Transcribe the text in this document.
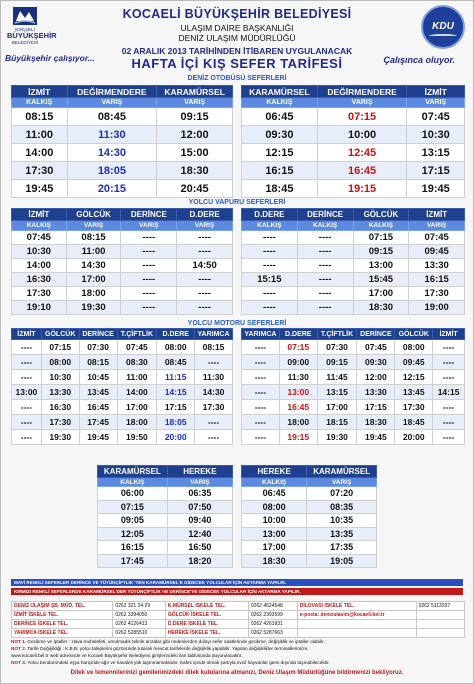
KOCAELİ
BÜYÜKŞEHİR
BELEDİYESİ
Büyükşehir çalışıyor...
KDU
Çalışınca oluyor.
KOCAELİ BÜYÜKŞEHİR BELEDİYESİ
ULAŞIM DAİRE BAŞKANLIĞI
DENİZ ULAŞIM MÜDÜRLÜĞÜ
02 ARALIK 2013 TARİHİNDEN İTİBAREN UYGULANACAK
HAFTA İÇİ KIŞ SEFER TARİFESİ
DENİZ OTOBÜSÜ SEFERLERİ
YOLCU VAPURU SEFERLERİ
YOLCU MOTORU SEFERLERİ
İZMİT	DEĞİRMENDERE	KARAMÜRSEL
KALKIŞ	VARIŞ	VARIŞ
08:15	08:45	09:15
11:00	11:30	12:00
14:00	14:30	15:00
17:30	18:05	18:30
19:45	20:15	20:45
KARAMÜRSEL	DEĞİRMENDERE	İZMİT
KALKIŞ	VARIŞ	VARIŞ
06:45	07:15	07:45
09:30	10:00	10:30
12:15	12:45	13:15
16:15	16:45	17:15
18:45	19:15	19:45
İZMİT	GÖLCÜK	DERİNCE	D.DERE
KALKIŞ	VARIŞ	VARIŞ	VARIŞ
07:45	08:15	----	----
10:30	11:00	----	----
14:00	14:30	----	14:50
16:30	17:00	----	----
17:30	18:00	----	----
19:10	19:30	----	----
D.DERE	DERİNCE	GÖLCÜK	İZMİT
KALKIŞ	KALKIŞ	KALKIŞ	VARIŞ
----	----	07:15	07:45
----	----	09:15	09:45
----	----	13:00	13:30
15:15	----	15:45	16:15
----	----	17:00	17:30
----	----	18:30	19:00
İZMİT	GÖLCÜK	DERİNCE	T.ÇİFTLİK	D.DERE	YARIMCA
----	07:15	07:30	07:45	08:00	08:15
----	08:00	08:15	08:30	08:45	----
----	10:30	10:45	11:00	11:15	11:30
13:00	13:30	13:45	14:00	14:15	14:30
----	16:30	16:45	17:00	17:15	17:30
----	17:30	17:45	18:00	18:05	----
----	19:30	19:45	19:50	20:00	----
YARIMCA	D.DERE	T.ÇİFTLİK	DERİNCE	GÖLCÜK	İZMİT
----	07:15	07:30	07:45	08:00	----
----	09:00	09:15	09:30	09:45	----
----	11:30	11:45	12:00	12:15	----
----	13:00	13:15	13:30	13:45	14:15
----	16:45	17:00	17:15	17:30	----
----	18:00	18:15	18:30	18:45	----
----	19:15	19:30	19:45	20:00	----
KARAMÜRSEL	HEREKE
KALKIŞ	VARIŞ
06:00	06:35
07:15	07:50
09:05	09:40
12:05	12:40
16:15	16:50
17:45	18:20
HEREKE	KARAMÜRSEL
KALKIŞ	VARIŞ
06:45	07:20
08:00	08:35
10:00	10:35
13:00	13:35
17:00	17:35
18:30	19:05
MAVİ RENKLİ SEFERLER DERİNCE VE TÜTÜNÇİFTLİK 'TEN KARAMÜRSEL'E GİDECEK YOLCULAR İÇİN AKTARMA YAPILIR.
KIRMIZI RENKLİ SEFERLERDE KARAMÜRSEL'DEN TÜTÜNÇİFTLİK VE DERİNCE'YE GİDECEK YOLCULAR İÇİN AKTARMA YAPILIR.
DENİZ ULAŞIM ŞB. MÜD. TEL.	0262 321 24 29	K.MÜRSEL İSKELE TEL.	0262 4524548	DİLOVASI İSKELE TEL.	0262 5113297
İZMİT İSKELE TEL.	0262 3394050	GÖLCÜK İSKELE TEL.	0262 2393599	e-posta: denizulasim@kocaeli.bel.tr	
DERİNCE İSKELE TEL.	0262 4126413	D.DERE İSKELE TEL.	0262 4261931		
YARIMCA İSKELE TEL.	0262 5285510	HEREKE İSKELE TEL.	0262 5287663		
NOT 1. Gecikme ve İptaller : Hava muhalefeti, umulmadık teknik arızalar gibi nedenlerden dolayı sefer saatlerinde gecikme, değişiklik ve iptaller olabilir.
NOT 2. Tarife Değişikliği : K.B.B. yolcu taleplerini gözönünde tutarak mevcut tarifelerde değişiklik yapabilir. Yapılan değişiklikler terminallerimize,
www.kocaeli.bel.tr web adresinde ve Kocaeli Büyükşehir Belediyesi girişlerindeki ilan tablosunda duyurulacaktır.
NOT 3. Yolcu beraberindeki eşya hariçinde ağır ve havaleli yük taşınmamaktadır. Kafes içinde olmak şartıyla evcil hayvanlar gemi dışında taşınabilecektir.
Dilek ve temennilerinizi gemilerimizdeki dilek kutularına atmanızı, Deniz Ulaşım Müdürlüğüne bildirmenizi bekliyoruz.
